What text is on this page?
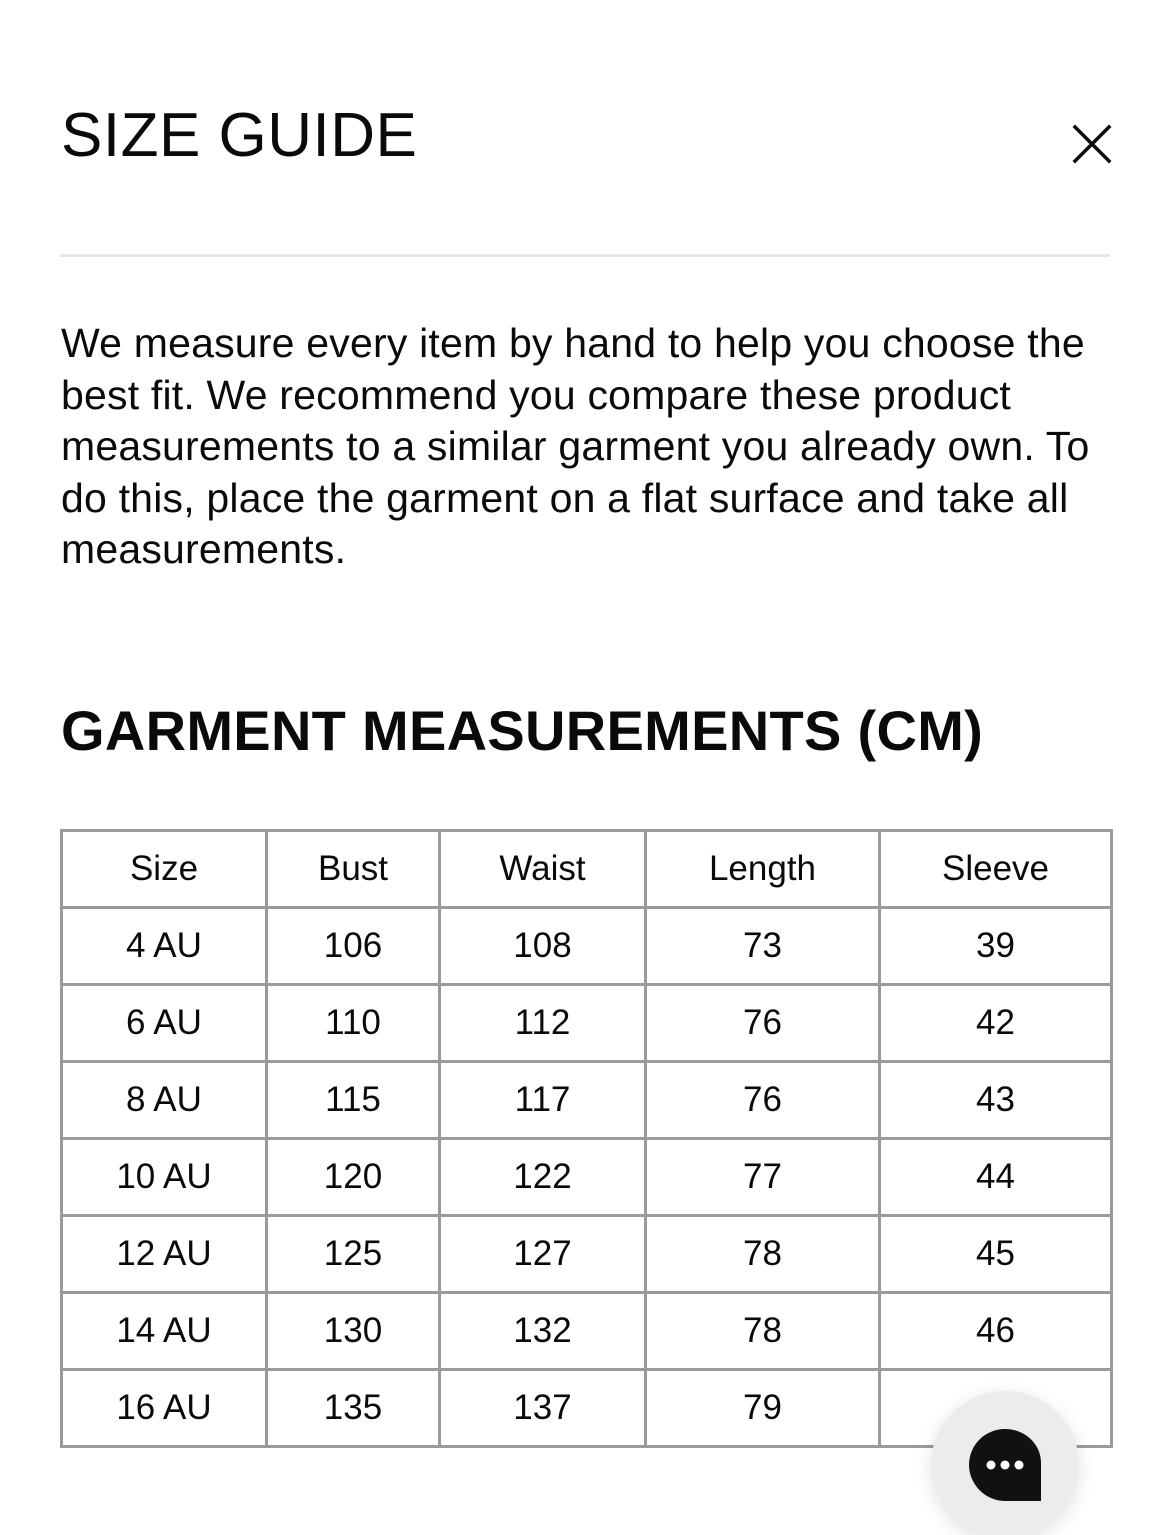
SIZE GUIDE

We measure every item by hand to help you choose the best fit. We recommend you compare these product measurements to a similar garment you already own. To do this, place the garment on a flat surface and take all measurements.

GARMENT MEASUREMENTS (CM)
Size	Bust	Waist	Length	Sleeve
4 AU	106	108	73	39
6 AU	110	112	76	42
8 AU	115	117	76	43
10 AU	120	122	77	44
12 AU	125	127	78	45
14 AU	130	132	78	46
16 AU	135	137	79	
